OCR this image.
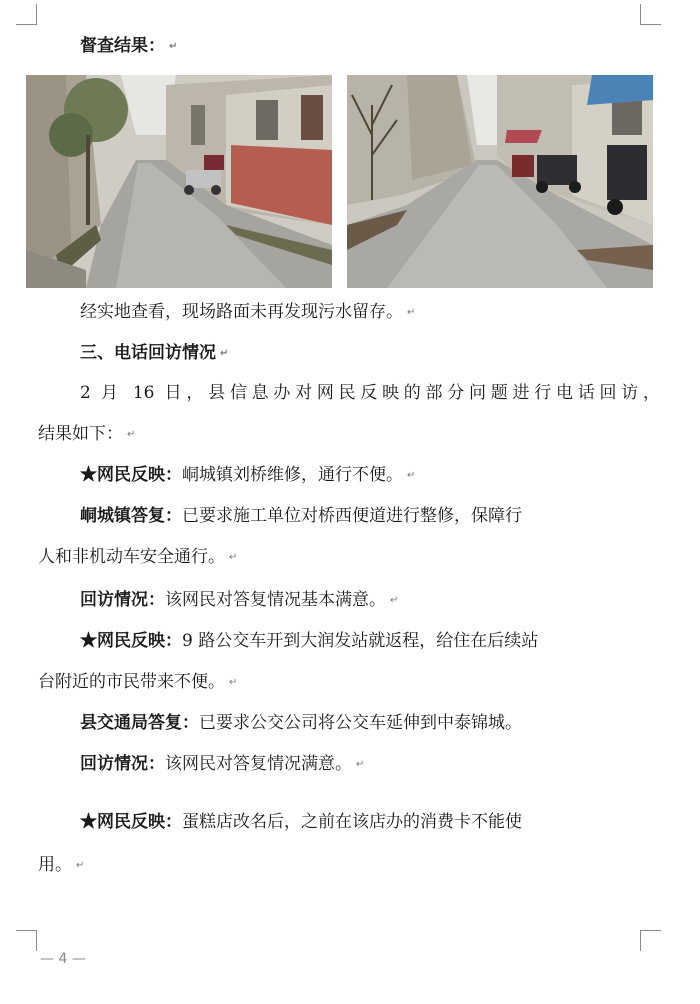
督查结果： ↵
经实地查看，现场路面未再发现污水留存。 ↵
三、电话回访情况 ↵
2 月 16 日，县信息办对网民反映的部分问题进行电话回访，
结果如下： ↵
★网民反映：峒城镇刘桥维修，通行不便。 ↵
峒城镇答复：已要求施工单位对桥西便道进行整修，保障行
人和非机动车安全通行。 ↵
回访情况：该网民对答复情况基本满意。 ↵
★网民反映：9 路公交车开到大润发站就返程，给住在后续站
台附近的市民带来不便。 ↵
县交通局答复：已要求公交公司将公交车延伸到中泰锦城。
回访情况：该网民对答复情况满意。 ↵
★网民反映：蛋糕店改名后，之前在该店办的消费卡不能使
用。 ↵
— 4 —
